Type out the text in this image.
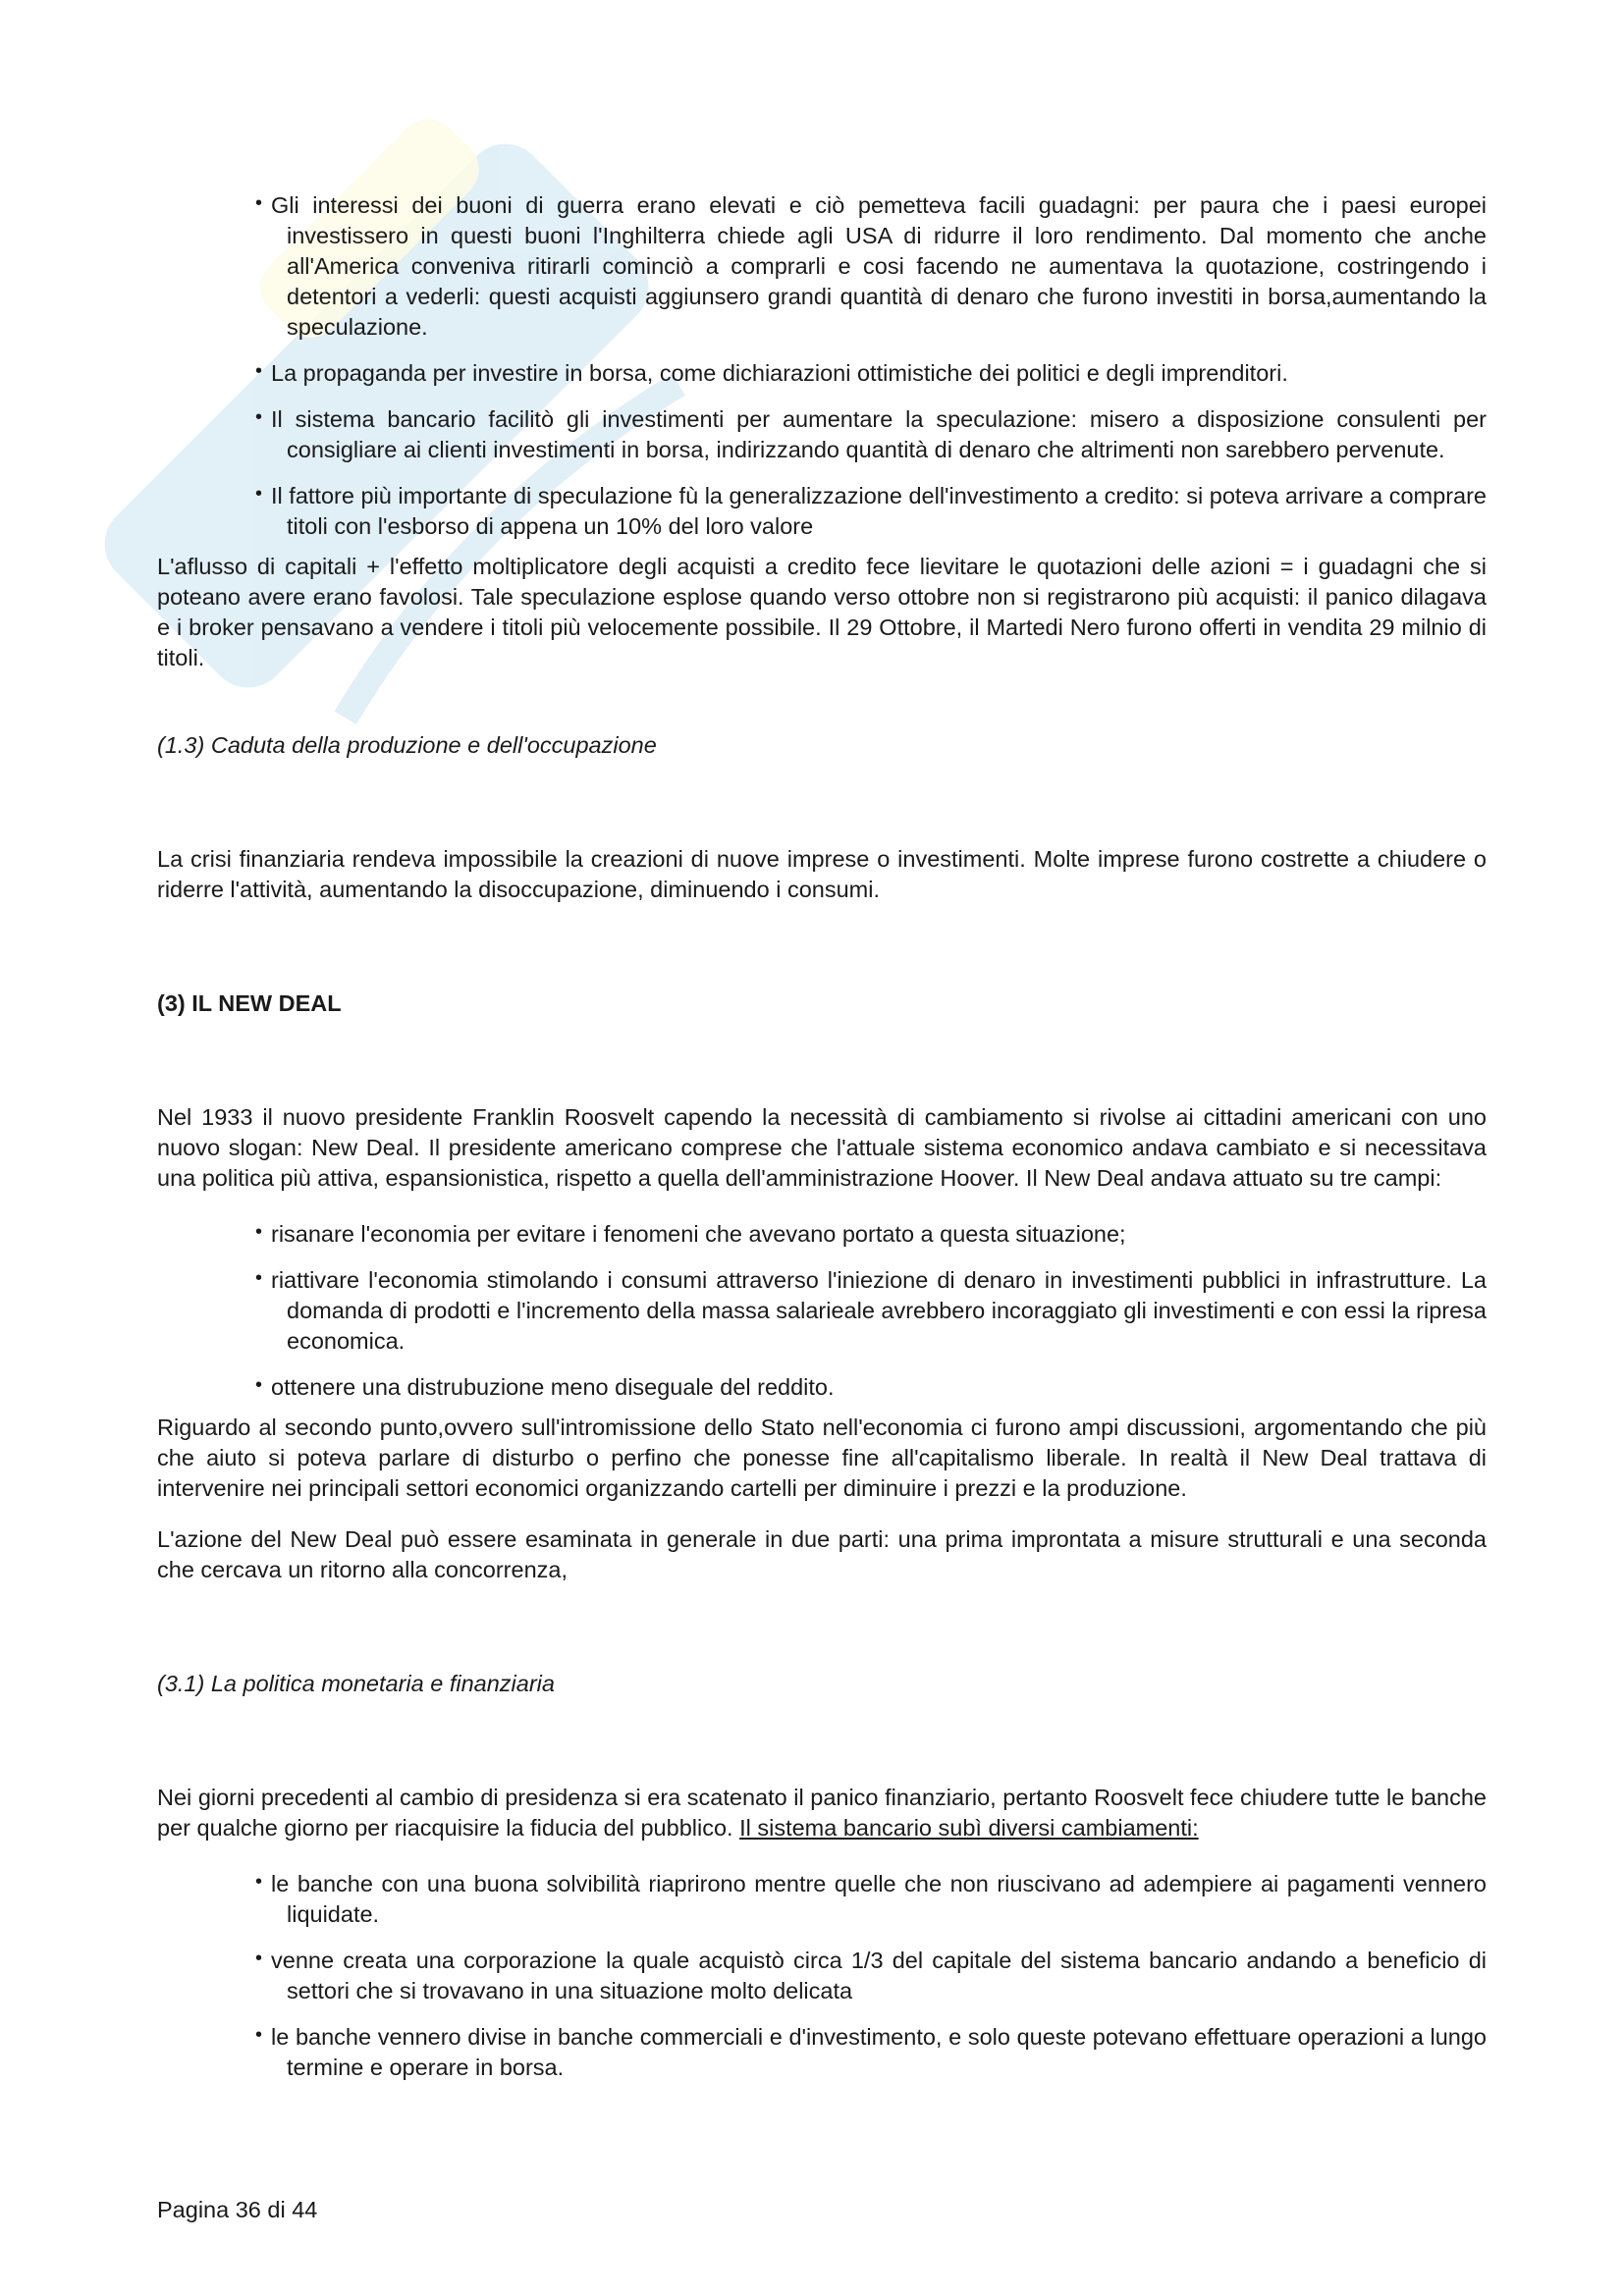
• Gli interessi dei buoni di guerra erano elevati e ciò pemetteva facili guadagni: per paura che i paesi europei investissero in questi buoni l'Inghilterra chiede agli USA di ridurre il loro rendimento. Dal momento che anche all'America conveniva ritirarli cominciò a comprarli e cosi facendo ne aumentava la quotazione, costringendo i detentori a vederli: questi acquisti aggiunsero grandi quantità di denaro che furono investiti in borsa,aumentando la speculazione.
• La propaganda per investire in borsa, come dichiarazioni ottimistiche dei politici e degli imprenditori.
• Il sistema bancario facilitò gli investimenti per aumentare la speculazione: misero a disposizione consulenti per consigliare ai clienti investimenti in borsa, indirizzando quantità di denaro che altrimenti non sarebbero pervenute.
• Il fattore più importante di speculazione fù la generalizzazione dell'investimento a credito: si poteva arrivare a comprare titoli con l'esborso di appena un 10% del loro valore

L'aflusso di capitali + l'effetto moltiplicatore degli acquisti a credito fece lievitare le quotazioni delle azioni = i guadagni che si poteano avere erano favolosi. Tale speculazione esplose quando verso ottobre non si registrarono più acquisti: il panico dilagava e i broker pensavano a vendere i titoli più velocemente possibile. Il 29 Ottobre, il Martedi Nero furono offerti in vendita 29 milnio di titoli.

(1.3) Caduta della produzione e dell'occupazione

La crisi finanziaria rendeva impossibile la creazioni di nuove imprese o investimenti. Molte imprese furono costrette a chiudere o riderre l'attività, aumentando la disoccupazione, diminuendo i consumi.

(3) IL NEW DEAL

Nel 1933 il nuovo presidente Franklin Roosvelt capendo la necessità di cambiamento si rivolse ai cittadini americani con uno nuovo slogan: New Deal. Il presidente americano comprese che l'attuale sistema economico andava cambiato e si necessitava una politica più attiva, espansionistica, rispetto a quella dell'amministrazione Hoover. Il New Deal andava attuato su tre campi:

• risanare l'economia per evitare i fenomeni che avevano portato a questa situazione;
• riattivare l'economia stimolando i consumi attraverso l'iniezione di denaro in investimenti pubblici in infrastrutture. La domanda di prodotti e l'incremento della massa salarieale avrebbero incoraggiato gli investimenti e con essi la ripresa economica.
• ottenere una distrubuzione meno diseguale del reddito.

Riguardo al secondo punto,ovvero sull'intromissione dello Stato nell'economia ci furono ampi discussioni, argomentando che più che aiuto si poteva parlare di disturbo o perfino che ponesse fine all'capitalismo liberale. In realtà il New Deal trattava di intervenire nei principali settori economici organizzando cartelli per diminuire i prezzi e la produzione.

L'azione del New Deal può essere esaminata in generale in due parti: una prima improntata a misure strutturali e una seconda che cercava un ritorno alla concorrenza,

(3.1) La politica monetaria e finanziaria

Nei giorni precedenti al cambio di presidenza si era scatenato il panico finanziario, pertanto Roosvelt fece chiudere tutte le banche per qualche giorno per riacquisire la fiducia del pubblico. Il sistema bancario subì diversi cambiamenti:

• le banche con una buona solvibilità riaprirono mentre quelle che non riuscivano ad adempiere ai pagamenti vennero liquidate.
• venne creata una corporazione la quale acquistò circa 1/3 del capitale del sistema bancario andando a beneficio di settori che si trovavano in una situazione molto delicata
• le banche vennero divise in banche commerciali e d'investimento, e solo queste potevano effettuare operazioni a lungo termine e operare in borsa.
Pagina 36 di 44
